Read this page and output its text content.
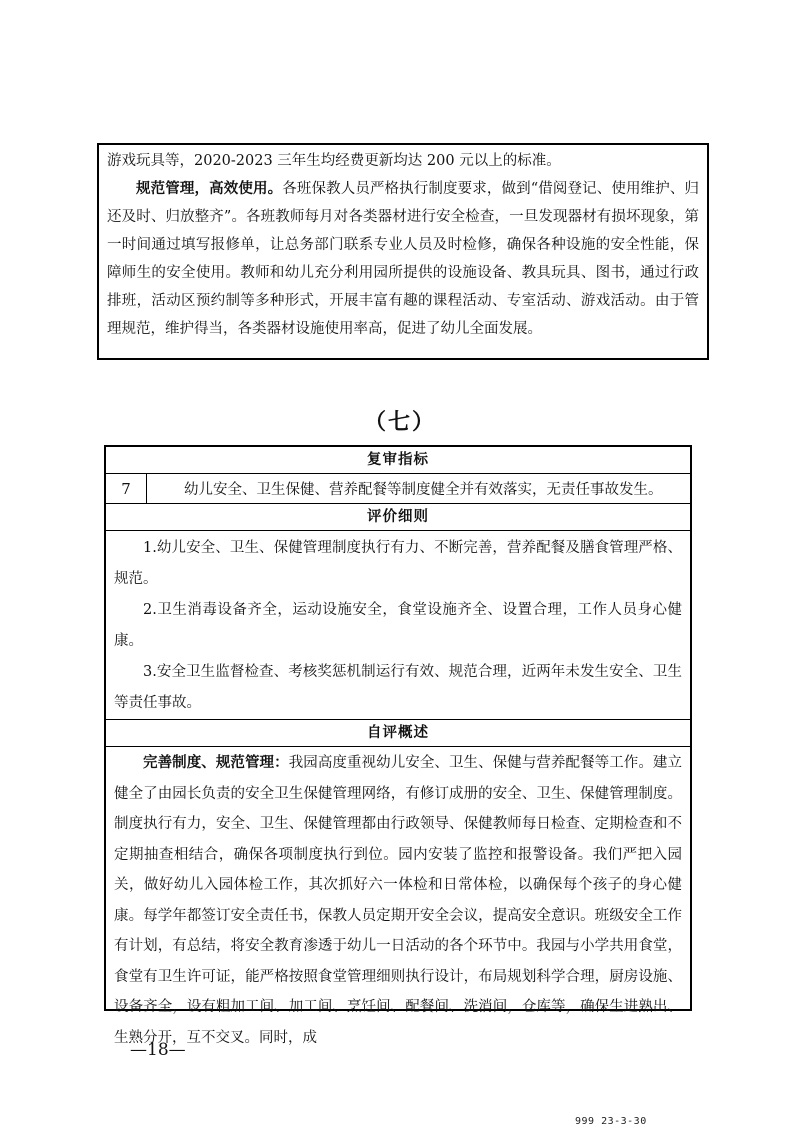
游戏玩具等，2020-2023 三年生均经费更新均达 200 元以上的标准。

规范管理，高效使用。各班保教人员严格执行制度要求，做到“借阅登记、使用维护、归还及时、归放整齐”。各班教师每月对各类器材进行安全检查，一旦发现器材有损坏现象，第一时间通过填写报修单，让总务部门联系专业人员及时检修，确保各种设施的安全性能，保障师生的安全使用。教师和幼儿充分利用园所提供的设施设备、教具玩具、图书，通过行政排班，活动区预约制等多种形式，开展丰富有趣的课程活动、专室活动、游戏活动。由于管理规范，维护得当，各类器材设施使用率高，促进了幼儿全面发展。

（七）
复审指标
7	幼儿安全、卫生保健、营养配餐等制度健全并有效落实，无责任事故发生。
评价细则

1.幼儿安全、卫生、保健管理制度执行有力、不断完善，营养配餐及膳食管理严格、规范。

2.卫生消毒设备齐全，运动设施安全，食堂设施齐全、设置合理，工作人员身心健康。

3.安全卫生监督检查、考核奖惩机制运行有效、规范合理，近两年未发生安全、卫生等责任事故。

自评概述

完善制度、规范管理：我园高度重视幼儿安全、卫生、保健与营养配餐等工作。建立健全了由园长负责的安全卫生保健管理网络，有修订成册的安全、卫生、保健管理制度。制度执行有力，安全、卫生、保健管理都由行政领导、保健教师每日检查、定期检查和不定期抽查相结合，确保各项制度执行到位。园内安装了监控和报警设备。我们严把入园关，做好幼儿入园体检工作，其次抓好六一体检和日常体检，以确保每个孩子的身心健康。每学年都签订安全责任书，保教人员定期开安全会议，提高安全意识。班级安全工作有计划，有总结，将安全教育渗透于幼儿一日活动的各个环节中。我园与小学共用食堂，食堂有卫生许可证，能严格按照食堂管理细则执行设计，布局规划科学合理，厨房设施、设备齐全，设有粗加工间、加工间、烹饪间、配餐间、洗消间，仓库等，确保生进熟出、生熟分开，互不交叉。同时，成

—18—
999 23-3-30
